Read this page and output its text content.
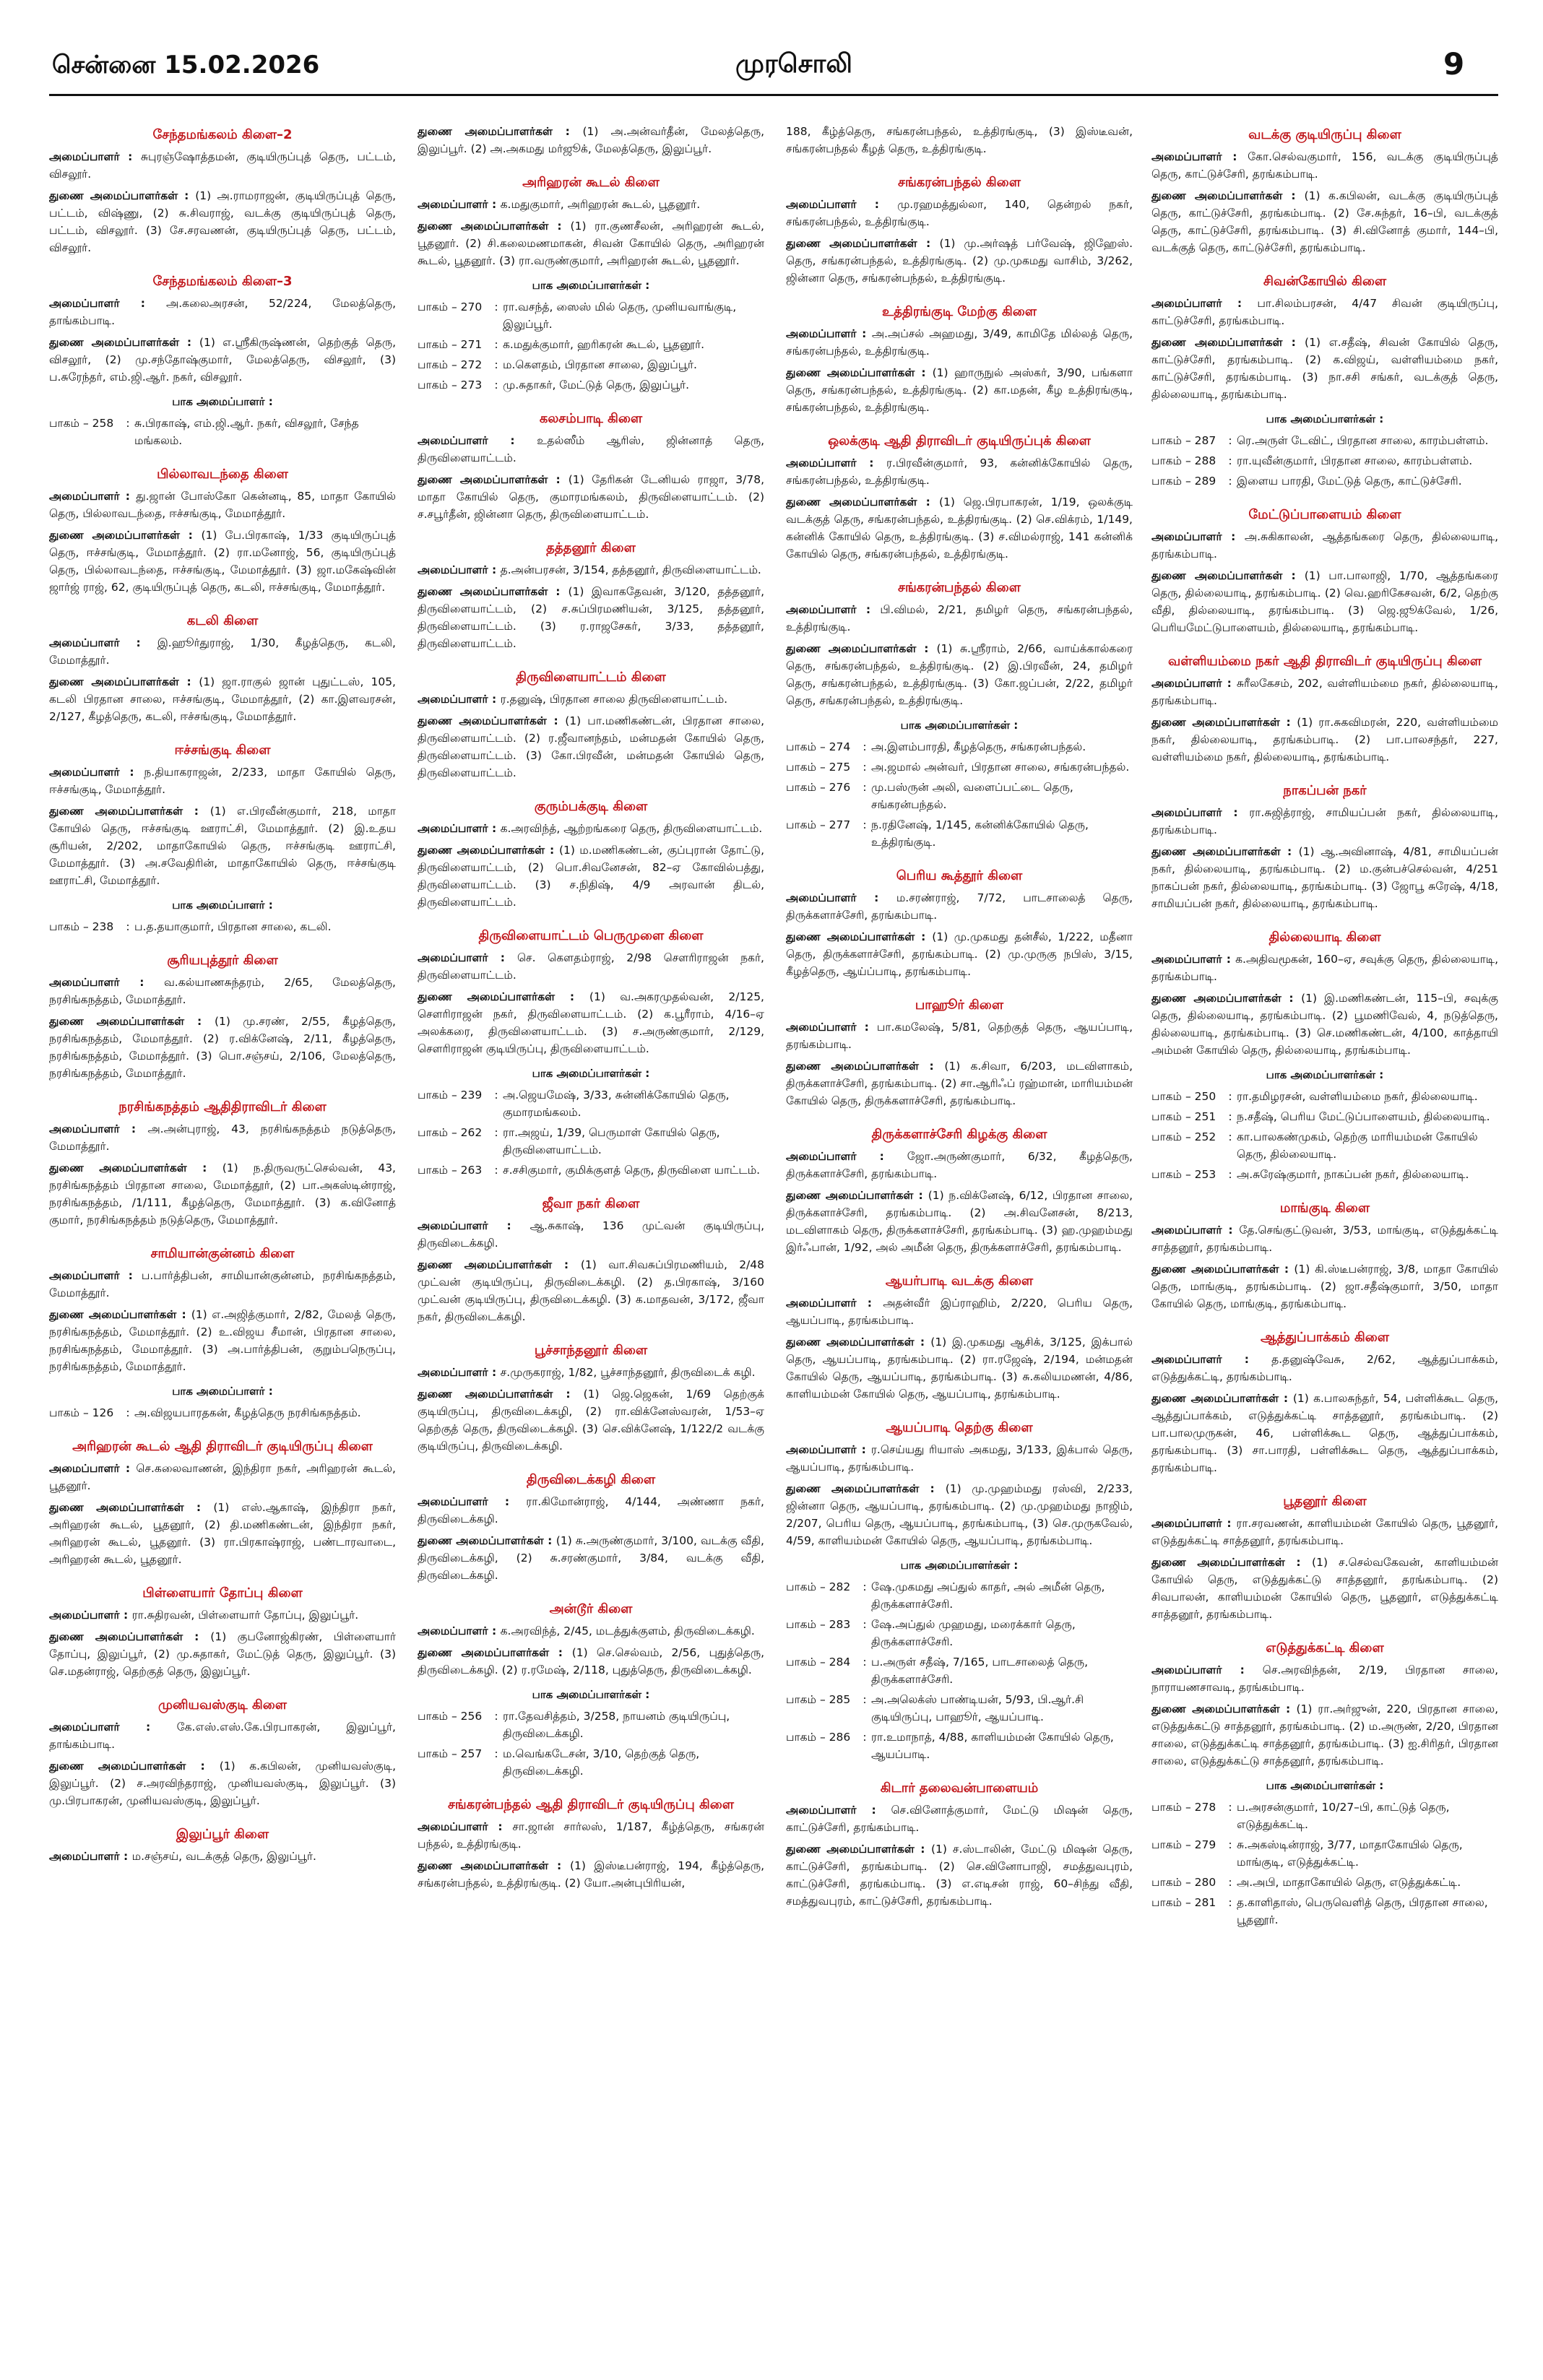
சென்னை 15.02.2026	முரசொலி	9
சேந்தமங்கலம் கிளை–2

அமைப்பாளர் : சுபுரஞ்ஷோத்தமன், குடியிருப்புத் தெரு, பட்டம், விசலூர்.

துணை அமைப்பாளர்கள் : (1) அ.ராமராஜன், குடியிருப்புத் தெரு, பட்டம், விஷ்ணு, (2) சு.சிவராஜ், வடக்கு குடியிருப்புத் தெரு, பட்டம், விசலூர். (3) சே.சரவணன், குடியிருப்புத் தெரு, பட்டம், விசலூர்.

சேந்தமங்கலம் கிளை–3

அமைப்பாளர் : அ.கலைஅரசன், 52/224, மேலத்தெரு, தாங்கம்பாடி.

துணை அமைப்பாளர்கள் : (1) எ.ஸ்ரீகிருஷ்ணன், தெற்குத் தெரு, விசலூர், (2) மு.சந்தோஷ்குமார், மேலத்தெரு, விசலூர், (3) ப.சுரேந்தர், எம்.ஜி.ஆர். நகர், விசலூர்.

பாக அமைப்பாளர் :
பாகம் – 258	: சு.பிரகாஷ், எம்.ஜி.ஆர். நகர், விசலூர், சேந்த மங்கலம்.
பில்லாவடந்தை கிளை

அமைப்பாளர் : து.ஜான் போஸ்கோ கென்னடி, 85, மாதா கோயில் தெரு, பில்லாவடந்தை, ஈச்சங்குடி, மேமாத்தூர்.

துணை அமைப்பாளர்கள் : (1) பே.பிரகாஷ், 1/33 குடியிருப்புத் தெரு, ஈச்சங்குடி, மேமாத்தூர். (2) ரா.மனோஜ், 56, குடியிருப்புத் தெரு, பில்லாவடந்தை, ஈச்சங்குடி, மேமாத்தூர். (3) ஜா.மகேஷ்வின் ஜார்ஜ் ராஜ், 62, குடியிருப்புத் தெரு, கடலி, ஈச்சங்குடி, மேமாத்தூர்.

கடலி கிளை

அமைப்பாளர் : இ.ஹூர்துராஜ், 1/30, கீழத்தெரு, கடலி, மேமாத்தூர்.

துணை அமைப்பாளர்கள் : (1) ஜா.ராகுல் ஜான் புதுட்டஸ், 105, கடலி பிரதான சாலை, ஈச்சங்குடி, மேமாத்தூர், (2) கா.இளவரசன், 2/127, கீழத்தெரு, கடலி, ஈச்சங்குடி, மேமாத்தூர்.

ஈச்சங்குடி கிளை

அமைப்பாளர் : ந.தியாகராஜன், 2/233, மாதா கோயில் தெரு, ஈச்சங்குடி, மேமாத்தூர்.

துணை அமைப்பாளர்கள் : (1) எ.பிரவீன்குமார், 218, மாதா கோயில் தெரு, ஈச்சங்குடி ஊராட்சி, மேமாத்தூர். (2) இ.உதய சூரியன், 2/202, மாதாகோயில் தெரு, ஈச்சங்குடி ஊராட்சி, மேமாத்தூர். (3) அ.சவேதிரின், மாதாகோயில் தெரு, ஈச்சங்குடி ஊராட்சி, மேமாத்தூர்.

பாக அமைப்பாளர் :
பாகம் – 238	: ப.த.தயாகுமார், பிரதான சாலை, கடலி.
சூரியபுத்தூர் கிளை

அமைப்பாளர் : வ.கல்யாணசுந்தரம், 2/65, மேலத்தெரு, நரசிங்கநத்தம், மேமாத்தூர்.

துணை அமைப்பாளர்கள் : (1) மு.சரண், 2/55, கீழத்தெரு, நரசிங்கநத்தம், மேமாத்தூர். (2) ர.விக்னேஷ், 2/11, கீழத்தெரு, நரசிங்கநத்தம், மேமாத்தூர். (3) பொ.சஞ்சய், 2/106, மேலத்தெரு, நரசிங்கநத்தம், மேமாத்தூர்.

நரசிங்கநத்தம் ஆதிதிராவிடர் கிளை

அமைப்பாளர் : அ.அன்புராஜ், 43, நரசிங்கநத்தம் நடுத்தெரு, மேமாத்தூர்.

துணை அமைப்பாளர்கள் : (1) ந.திருவருட்செல்வன், 43, நரசிங்கநத்தம் பிரதான சாலை, மேமாத்தூர், (2) பா.அகஸ்டின்ராஜ், நரசிங்கநத்தம், /1/111, கீழத்தெரு, மேமாத்தூர். (3) க.வினோத் குமார், நரசிங்கநத்தம் நடுத்தெரு, மேமாத்தூர்.

சாமியான்குன்னம் கிளை

அமைப்பாளர் : ப.பார்த்திபன், சாமியான்குன்னம், நரசிங்கநத்தம், மேமாத்தூர்.

துணை அமைப்பாளர்கள் : (1) எ.அஜித்குமார், 2/82, மேலத் தெரு, நரசிங்கநத்தம், மேமாத்தூர். (2) உ.விஜய சீமான், பிரதான சாலை, நரசிங்கநத்தம், மேமாத்தூர். (3) அ.பார்த்திபன், குறும்பநெருப்பு, நரசிங்கநத்தம், மேமாத்தூர்.

பாக அமைப்பாளர் :
பாகம் – 126	: அ.விஜயபாரதகன், கீழத்தெரு நரசிங்கநத்தம்.
அரிஹரன் கூடல் ஆதி திராவிடர் குடியிருப்பு கிளை

அமைப்பாளர் : செ.கலைவாணன், இந்திரா நகர், அரிஹரன் கூடல், பூதனூர்.

துணை அமைப்பாளர்கள் : (1) எஸ்.ஆகாஷ், இந்திரா நகர், அரிஹரன் கூடல், பூதனூர், (2) தி.மணிகண்டன், இந்திரா நகர், அரிஹரன் கூடல், பூதனூர். (3) ரா.பிரகாஷ்ராஜ், பண்டாரவாடை, அரிஹரன் கூடல், பூதனூர்.

பிள்ளையார் தோப்பு கிளை

அமைப்பாளர் : ரா.சுதிரவன், பிள்ளையார் தோப்பு, இலுப்பூர்.

துணை அமைப்பாளர்கள் : (1) குபனோஜ்கிரண், பிள்ளையார் தோப்பு, இலுப்பூர், (2) மு.சுதாகர், மேட்டுத் தெரு, இலுப்பூர். (3) செ.மதன்ராஜ், தெற்குத் தெரு, இலுப்பூர்.

முனியவஸ்குடி கிளை

அமைப்பாளர் : கே.எஸ்.எஸ்.கே.பிரபாகரன், இலுப்பூர், தாங்கம்பாடி.

துணை அமைப்பாளர்கள் : (1) க.கபிலன், முனியவஸ்குடி, இலுப்பூர். (2) ச.அரவிந்தராஜ், முனியவஸ்குடி, இலுப்பூர். (3) மு.பிரபாகரன், முனியவஸ்குடி, இலுப்பூர்.

இலுப்பூர் கிளை

அமைப்பாளர் : ம.சஞ்சய், வடக்குத் தெரு, இலுப்பூர்.

துணை அமைப்பாளர்கள் : (1) அ.அன்வர்தீன், மேலத்தெரு, இலுப்பூர். (2) அ.அகமது மர்ஜூக், மேலத்தெரு, இலுப்பூர்.

அரிஹரன் கூடல் கிளை

அமைப்பாளர் : க.மதுகுமார், அரிஹரன் கூடல், பூதனூர்.

துணை அமைப்பாளர்கள் : (1) ரா.குணசீலன், அரிஹரன் கூடல், பூதனூர். (2) சி.கலைமணமாகன், சிவன் கோயில் தெரு, அரிஹரன் கூடல், பூதனூர். (3) ரா.வருண்குமார், அரிஹரன் கூடல், பூதனூர்.

பாக அமைப்பாளர்கள் :
பாகம் – 270	: ரா.வசந்த், ஸைஸ் மில் தெரு, முனியவாங்குடி, இலுப்பூர்.
பாகம் – 271	: க.மதுக்குமார், ஹரிகரன் கூடல், பூதனூர்.
பாகம் – 272	: ம.கௌதம், பிரதான சாலை, இலுப்பூர்.
பாகம் – 273	: மு.சுதாகர், மேட்டுத் தெரு, இலுப்பூர்.
கலசம்பாடி கிளை

அமைப்பாளர் : உதல்ஸீம் ஆரிஸ், ஜின்னாத் தெரு, திருவிளையாட்டம்.

துணை அமைப்பாளர்கள் : (1) தேரிகன் டேனியல் ராஜா, 3/78, மாதா கோயில் தெரு, குமாரமங்கலம், திருவிளையாட்டம். (2) ச.சபூர்தீன், ஜின்னா தெரு, திருவிளையாட்டம்.

தத்தனூர் கிளை

அமைப்பாளர் : த.அன்பரசன், 3/154, தத்தனூர், திருவிளையாட்டம்.

துணை அமைப்பாளர்கள் : (1) இவாகதேவன், 3/120, தத்தனூர், திருவிளையாட்டம், (2) ச.சுப்பிரமணியன், 3/125, தத்தனூர், திருவிளையாட்டம். (3) ர.ராஜசேகர், 3/33, தத்தனூர், திருவிளையாட்டம்.

திருவிளையாட்டம் கிளை

அமைப்பாளர் : ர.தனுஷ், பிரதான சாலை திருவிளையாட்டம்.

துணை அமைப்பாளர்கள் : (1) பா.மணிகண்டன், பிரதான சாலை, திருவிளையாட்டம். (2) ர.ஜீவானந்தம், மன்மதன் கோயில் தெரு, திருவிளையாட்டம். (3) கோ.பிரவீன், மன்மதன் கோயில் தெரு, திருவிளையாட்டம்.

குரும்பக்குடி கிளை

அமைப்பாளர் : க.அரவிந்த், ஆற்றங்கரை தெரு, திருவிளையாட்டம்.

துணை அமைப்பாளர்கள் : (1) ம.மணிகண்டன், குப்புரான் தோட்டு, திருவிளையாட்டம், (2) பொ.சிவனேசன், 82–ஏ கோவில்பத்து, திருவிளையாட்டம். (3) ச.நிதிஷ், 4/9 அரவான் திடல், திருவிளையாட்டம்.

திருவிளையாட்டம் பெருமுளை கிளை

அமைப்பாளர் : செ. கௌதம்ராஜ், 2/98 சௌரிராஜன் நகர், திருவிளையாட்டம்.

துணை அமைப்பாளர்கள் : (1) வ.அகரமுதல்வன், 2/125, சௌரிராஜன் நகர், திருவிளையாட்டம். (2) க.பூரீராம், 4/16–ஏ அலக்கரை, திருவிளையாட்டம். (3) ச.அருண்குமார், 2/129, சௌரிராஜன் குடியிருப்பு, திருவிளையாட்டம்.

பாக அமைப்பாளர்கள் :
பாகம் – 239	: அ.ஜெயமேஷ், 3/33, சுன்னிக்கோயில் தெரு, குமாரமங்கலம்.
பாகம் – 262	: ரா.அஜய், 1/39, பெருமாள் கோயில் தெரு, திருவிளையாட்டம்.
பாகம் – 263	: ச.சசிகுமார், குமிக்குளத் தெரு, திருவிளை யாட்டம்.
ஜீவா நகர் கிளை

அமைப்பாளர் : ஆ.சுகாஷ், 136 முட்வன் குடியிருப்பு, திருவிடைக்கழி.

துணை அமைப்பாளர்கள் : (1) வா.சிவசுப்பிரமணியம், 2/48 முட்வன் குடியிருப்பு, திருவிடைக்கழி. (2) த.பிரகாஷ், 3/160 முட்வன் குடியிருப்பு, திருவிடைக்கழி. (3) க.மாதவன், 3/172, ஜீவா நகர், திருவிடைக்கழி.

பூச்சாந்தனூர் கிளை

அமைப்பாளர் : ச.முருகராஜ், 1/82, பூச்சாந்தனூர், திருவிடைக் கழி.

துணை அமைப்பாளர்கள் : (1) ஜெ.ஜெகன், 1/69 தெற்குக் குடியிருப்பு, திருவிடைக்கழி, (2) ரா.விக்னேஸ்வரன், 1/53–ஏ தெற்குத் தெரு, திருவிடைக்கழி. (3) செ.விக்னேஷ், 1/122/2 வடக்கு குடியிருப்பு, திருவிடைக்கழி.

திருவிடைக்கழி கிளை

அமைப்பாளர் : ரா.கிமோன்ராஜ், 4/144, அண்ணா நகர், திருவிடைக்கழி.

துணை அமைப்பாளர்கள் : (1) சு.அருண்குமார், 3/100, வடக்கு வீதி, திருவிடைக்கழி, (2) சு.சரண்குமார், 3/84, வடக்கு வீதி, திருவிடைக்கழி.

அன்டூர் கிளை

அமைப்பாளர் : க.அரவிந்த், 2/45, மடத்துக்குளம், திருவிடைக்கழி.

துணை அமைப்பாளர்கள் : (1) செ.செல்வம், 2/56, புதுத்தெரு, திருவிடைக்கழி. (2) ர.ரமேஷ், 2/118, புதுத்தெரு, திருவிடைக்கழி.

பாக அமைப்பாளர்கள் :
பாகம் – 256	: ரா.தேவசித்தம், 3/258, நாயனம் குடியிருப்பு, திருவிடைக்கழி.
பாகம் – 257	: ம.வெங்கடேசன், 3/10, தெற்குத் தெரு, திருவிடைக்கழி.
சங்கரன்பந்தல் ஆதி திராவிடர் குடியிருப்பு கிளை

அமைப்பாளர் : சா.ஜான் சார்லஸ், 1/187, கீழ்த்தெரு, சங்கரன் பந்தல், உத்திரங்குடி.

துணை அமைப்பாளர்கள் : (1) இஸ்டீபன்ராஜ், 194, கீழ்த்தெரு, சங்கரன்பந்தல், உத்திரங்குடி. (2) யோ.அன்புபிரியன்,

188, கீழ்த்தெரு, சங்கரன்பந்தல், உத்திரங்குடி, (3) இஸ்டீவன், சங்கரன்பந்தல் கீழத் தெரு, உத்திரங்குடி.

சங்கரன்பந்தல் கிளை

அமைப்பாளர் : மு.ரஹமத்துல்லா, 140, தென்றல் நகர், சங்கரன்பந்தல், உத்திரங்குடி.

துணை அமைப்பாளர்கள் : (1) மு.அர்ஷத் பர்வேஷ், ஜிஹேஸ். தெரு, சங்கரன்பந்தல், உத்திரங்குடி. (2) மு.முகமது வாசிம், 3/262, ஜின்னா தெரு, சங்கரன்பந்தல், உத்திரங்குடி.

உத்திரங்குடி மேற்கு கிளை

அமைப்பாளர் : அ.அப்சல் அஹமது, 3/49, காமிதே மில்லத் தெரு, சங்கரன்பந்தல், உத்திரங்குடி.

துணை அமைப்பாளர்கள் : (1) ஹாருநுல் அஸ்கர், 3/90, பங்களா தெரு, சங்கரன்பந்தல், உத்திரங்குடி. (2) கா.மதன், கீழ உத்திரங்குடி, சங்கரன்பந்தல், உத்திரங்குடி.

ஒலக்குடி ஆதி திராவிடர் குடியிருப்புக் கிளை

அமைப்பாளர் : ர.பிரவீன்குமார், 93, கன்னிக்கோயில் தெரு, சங்கரன்பந்தல், உத்திரங்குடி.

துணை அமைப்பாளர்கள் : (1) ஜெ.பிரபாகரன், 1/19, ஒலக்குடி வடக்குத் தெரு, சங்கரன்பந்தல், உத்திரங்குடி. (2) செ.விக்ரம், 1/149, கன்னிக் கோயில் தெரு, உத்திரங்குடி. (3) ச.விமல்ராஜ், 141 கன்னிக் கோயில் தெரு, சங்கரன்பந்தல், உத்திரங்குடி.

சங்கரன்பந்தல் கிளை

அமைப்பாளர் : பி.விமல், 2/21, தமிழர் தெரு, சங்கரன்பந்தல், உத்திரங்குடி.

துணை அமைப்பாளர்கள் : (1) சு.ஸ்ரீராம், 2/66, வாய்க்கால்கரை தெரு, சங்கரன்பந்தல், உத்திரங்குடி. (2) இ.பிரவீன், 24, தமிழர் தெரு, சங்கரன்பந்தல், உத்திரங்குடி. (3) கோ.ஜப்பன், 2/22, தமிழர் தெரு, சங்கரன்பந்தல், உத்திரங்குடி.

பாக அமைப்பாளர்கள் :
பாகம் – 274	: அ.இளம்பாரதி, கீழத்தெரு, சங்கரன்பந்தல்.
பாகம் – 275	: அ.ஜமால் அன்வர், பிரதான சாலை, சங்கரன்பந்தல்.
பாகம் – 276	: மு.பஸ்ருன் அலி, வளைப்பட்டை தெரு, சங்கரன்பந்தல்.
பாகம் – 277	: ந.ரதினேஷ், 1/145, கன்னிக்கோயில் தெரு, உத்திரங்குடி.
பெரிய கூத்தூர் கிளை

அமைப்பாளர் : ம.சரண்ராஜ், 7/72, பாடசாலைத் தெரு, திருக்களாச்சேரி, தரங்கம்பாடி.

துணை அமைப்பாளர்கள் : (1) மு.முகமது தன்சீல், 1/222, மதீனா தெரு, திருக்களாச்சேரி, தரங்கம்பாடி. (2) மு.முருகு நபிஸ், 3/15, கீழத்தெரு, ஆய்ப்பாடி, தரங்கம்பாடி.

பாஹூர் கிளை

அமைப்பாளர் : பா.கமலேஷ், 5/81, தெற்குத் தெரு, ஆயப்பாடி, தரங்கம்பாடி.

துணை அமைப்பாளர்கள் : (1) க.சிவா, 6/203, மடவிளாகம், திருக்களாச்சேரி, தரங்கம்பாடி. (2) சா.ஆரிஃப் ரஹ்மான், மாரியம்மன் கோயில் தெரு, திருக்களாச்சேரி, தரங்கம்பாடி.

திருக்களாச்சேரி கிழக்கு கிளை

அமைப்பாளர் : ஜோ.அருண்குமார், 6/32, கீழத்தெரு, திருக்களாச்சேரி, தரங்கம்பாடி.

துணை அமைப்பாளர்கள் : (1) ந.விக்னேஷ், 6/12, பிரதான சாலை, திருக்களாச்சேரி, தரங்கம்பாடி. (2) அ.சிவனேசன், 8/213, மடவிளாகம் தெரு, திருக்களாச்சேரி, தரங்கம்பாடி. (3) ஹ.முஹம்மது இர்ஃபான், 1/92, அல் அமீன் தெரு, திருக்களாச்சேரி, தரங்கம்பாடி.

ஆயர்பாடி வடக்கு கிளை

அமைப்பாளர் : அதன்வீர் இப்ராஹிம், 2/220, பெரிய தெரு, ஆயப்பாடி, தரங்கம்பாடி.

துணை அமைப்பாளர்கள் : (1) இ.முகமது ஆசிக், 3/125, இக்பால் தெரு, ஆயப்பாடி, தரங்கம்பாடி. (2) ரா.ரஜேஷ், 2/194, மன்மதன் கோயில் தெரு, ஆயப்பாடி, தரங்கம்பாடி. (3) சு.கலியமணன், 4/86, காளியம்மன் கோயில் தெரு, ஆயப்பாடி, தரங்கம்பாடி.

ஆயப்பாடி தெற்கு கிளை

அமைப்பாளர் : ர.செய்யது ரியாஸ் அகமது, 3/133, இக்பால் தெரு, ஆயப்பாடி, தரங்கம்பாடி.

துணை அமைப்பாளர்கள் : (1) மு.முஹம்மது ரஸ்வி, 2/233, ஜின்னா தெரு, ஆயப்பாடி, தரங்கம்பாடி. (2) மு.முஹம்மது நாஜிம், 2/207, பெரிய தெரு, ஆயப்பாடி, தரங்கம்பாடி, (3) செ.முருகவேல், 4/59, காளியம்மன் கோயில் தெரு, ஆயப்பாடி, தரங்கம்பாடி.

பாக அமைப்பாளர்கள் :
பாகம் – 282	: ஷே.முகமது அப்துல் காதர், அல் அமீன் தெரு, திருக்களாச்சேரி.
பாகம் – 283	: ஷே.அப்துல் முஹமது, மரைக்கார் தெரு, திருக்களாச்சேரி.
பாகம் – 284	: ப.அருள் சதீஷ், 7/165, பாடசாலைத் தெரு, திருக்களாச்சேரி.
பாகம் – 285	: அ.அலெக்ஸ் பாண்டியன், 5/93, பி.ஆர்.சி குடியிருப்பு, பாஹூர், ஆயப்பாடி.
பாகம் – 286	: ரா.உமாநாத், 4/88, காளியம்மன் கோயில் தெரு, ஆயப்பாடி.
கிடார் தலைவன்பாளையம்

அமைப்பாளர் : செ.வினோத்குமார், மேட்டு மிஷன் தெரு, காட்டுச்சேரி, தரங்கம்பாடி.

துணை அமைப்பாளர்கள் : (1) ச.ஸ்டாலின், மேட்டு மிஷன் தெரு, காட்டுச்சேரி, தரங்கம்பாடி. (2) செ.வினோபாஜி, சமத்துவபுரம், காட்டுச்சேரி, தரங்கம்பாடி. (3) எ.எடிசன் ராஜ், 60–சிந்து வீதி, சமத்துவபுரம், காட்டுச்சேரி, தரங்கம்பாடி.

வடக்கு குடியிருப்பு கிளை

அமைப்பாளர் : கோ.செல்வகுமார், 156, வடக்கு குடியிருப்புத் தெரு, காட்டுச்சேரி, தரங்கம்பாடி.

துணை அமைப்பாளர்கள் : (1) க.கபிலன், வடக்கு குடியிருப்புத் தெரு, காட்டுச்சேரி, தரங்கம்பாடி. (2) சே.சுந்தர், 16–பி, வடக்குத் தெரு, காட்டுச்சேரி, தரங்கம்பாடி. (3) சி.வினோத் குமார், 144–பி, வடக்குத் தெரு, காட்டுச்சேரி, தரங்கம்பாடி.

சிவன்கோயில் கிளை

அமைப்பாளர் : பா.சிலம்பரசன், 4/47 சிவன் குடியிருப்பு, காட்டுச்சேரி, தரங்கம்பாடி.

துணை அமைப்பாளர்கள் : (1) எ.சதீஷ், சிவன் கோயில் தெரு, காட்டுச்சேரி, தரங்கம்பாடி. (2) க.விஜய், வள்ளியம்மை நகர், காட்டுச்சேரி, தரங்கம்பாடி. (3) நா.சசி சங்கர், வடக்குத் தெரு, தில்லையாடி, தரங்கம்பாடி.

பாக அமைப்பாளர்கள் :
பாகம் – 287	: ரெ.அருள் டேவிட், பிரதான சாலை, காரம்பள்ளம்.
பாகம் – 288	: ரா.யுவீன்குமார், பிரதான சாலை, காரம்பள்ளம்.
பாகம் – 289	: இளைய பாரதி, மேட்டுத் தெரு, காட்டுச்சேரி.
மேட்டுப்பாளையம் கிளை

அமைப்பாளர் : அ.சுகிகாலன், ஆத்தங்கரை தெரு, தில்லையாடி, தரங்கம்பாடி.

துணை அமைப்பாளர்கள் : (1) பா.பாலாஜி, 1/70, ஆத்தங்கரை தெரு, தில்லையாடி, தரங்கம்பாடி. (2) வெ.ஹரிகேசவன், 6/2, தெற்கு வீதி, தில்லையாடி, தரங்கம்பாடி. (3) ஜெ.ஜூக்வேல், 1/26, பெரியமேட்டுபாளையம், தில்லையாடி, தரங்கம்பாடி.

வள்ளியம்மை நகர் ஆதி திராவிடர் குடியிருப்பு கிளை

அமைப்பாளர் : சுரீலகேசம், 202, வள்ளியம்மை நகர், தில்லையாடி, தரங்கம்பாடி.

துணை அமைப்பாளர்கள் : (1) ரா.சுகவிமரன், 220, வள்ளியம்மை நகர், தில்லையாடி, தரங்கம்பாடி. (2) பா.பாலசந்தர், 227, வள்ளியம்மை நகர், தில்லையாடி, தரங்கம்பாடி.

நாகப்பன் நகர்

அமைப்பாளர் : ரா.சுஜித்ராஜ், சாமியப்பன் நகர், தில்லையாடி, தரங்கம்பாடி.

துணை அமைப்பாளர்கள் : (1) ஆ.அவினாஷ், 4/81, சாமியப்பன் நகர், தில்லையாடி, தரங்கம்பாடி. (2) ம.குன்பச்செல்வன், 4/251 நாகப்பன் நகர், தில்லையாடி, தரங்கம்பாடி. (3) ஜோபூ சுரேஷ், 4/18, சாமியப்பன் நகர், தில்லையாடி, தரங்கம்பாடி.

தில்லையாடி கிளை

அமைப்பாளர் : க.அதிவமூகன், 160–ஏ, சவுக்கு தெரு, தில்லையாடி, தரங்கம்பாடி.

துணை அமைப்பாளர்கள் : (1) இ.மணிகண்டன், 115–பி, சவுக்கு தெரு, தில்லையாடி, தரங்கம்பாடி. (2) பூமணிவேல், 4, நடுத்தெரு, தில்லையாடி, தரங்கம்பாடி. (3) செ.மணிகண்டன், 4/100, காத்தாயி அம்மன் கோயில் தெரு, தில்லையாடி, தரங்கம்பாடி.

பாக அமைப்பாளர்கள் :
பாகம் – 250	: ரா.தமிழரசன், வள்ளியம்மை நகர், தில்லையாடி.
பாகம் – 251	: ந.சதீஷ், பெரிய மேட்டுப்பாளையம், தில்லையாடி.
பாகம் – 252	: கா.பாலகண்முகம், தெற்கு மாரியம்மன் கோயில் தெரு, தில்லையாடி.
பாகம் – 253	: அ.சுரேஷ்குமார், நாகப்பன் நகர், தில்லையாடி.
மாங்குடி கிளை

அமைப்பாளர் : தே.செங்குட்டுவன், 3/53, மாங்குடி, எடுத்துக்கட்டி சாத்தனூர், தரங்கம்பாடி.

துணை அமைப்பாளர்கள் : (1) கி.ஸ்டீபன்ராஜ், 3/8, மாதா கோயில் தெரு, மாங்குடி, தரங்கம்பாடி. (2) ஜா.சதீஷ்குமார், 3/50, மாதா கோயில் தெரு, மாங்குடி, தரங்கம்பாடி.

ஆத்துப்பாக்கம் கிளை

அமைப்பாளர் : த.தனுஷ்வேசு, 2/62, ஆத்துப்பாக்கம், எடுத்துக்கட்டி, தரங்கம்பாடி.

துணை அமைப்பாளர்கள் : (1) க.பாலசுந்தர், 54, பள்ளிக்கூட தெரு, ஆத்துப்பாக்கம், எடுத்துக்கட்டி சாத்தனூர், தரங்கம்பாடி. (2) பா.பாலமுருகன், 46, பள்ளிக்கூட தெரு, ஆத்துப்பாக்கம், தரங்கம்பாடி. (3) சா.பாரதி, பள்ளிக்கூட தெரு, ஆத்துப்பாக்கம், தரங்கம்பாடி.

பூதனூர் கிளை

அமைப்பாளர் : ரா.சரவணன், காளியம்மன் கோயில் தெரு, பூதனூர், எடுத்துக்கட்டி சாத்தனூர், தரங்கம்பாடி.

துணை அமைப்பாளர்கள் : (1) ச.செல்வகேவன், காளியம்மன் கோயில் தெரு, எடுத்துக்கட்டு சாத்தனூர், தரங்கம்பாடி. (2) சிவபாலன், காளியம்மன் கோயில் தெரு, பூதனூர், எடுத்துக்கட்டி சாத்தனூர், தரங்கம்பாடி.

எடுத்துக்கட்டி கிளை

அமைப்பாளர் : செ.அரவிந்தன், 2/19, பிரதான சாலை, நாராயணசாவடி, தரங்கம்பாடி.

துணை அமைப்பாளர்கள் : (1) ரா.அர்ஜுன், 220, பிரதான சாலை, எடுத்துக்கட்டு சாத்தனூர், தரங்கம்பாடி. (2) ம.அருண், 2/20, பிரதான சாலை, எடுத்துக்கட்டி சாத்தனூர், தரங்கம்பாடி. (3) ஐ.சிரிதர், பிரதான சாலை, எடுத்துக்கட்டு சாத்தனூர், தரங்கம்பாடி.

பாக அமைப்பாளர்கள் :
பாகம் – 278	: ப.அரசன்குமார், 10/27–பி, காட்டுத் தெரு, எடுத்துக்கட்டி.
பாகம் – 279	: சு.அகஸ்டின்ராஜ், 3/77, மாதாகோயில் தெரு, மாங்குடி, எடுத்துக்கட்டி.
பாகம் – 280	: அ.அபி, மாதாகோயில் தெரு, எடுத்துக்கட்டி.
பாகம் – 281	: த.காளிதாஸ், பெருவெளித் தெரு, பிரதான சாலை, பூதனூர்.
